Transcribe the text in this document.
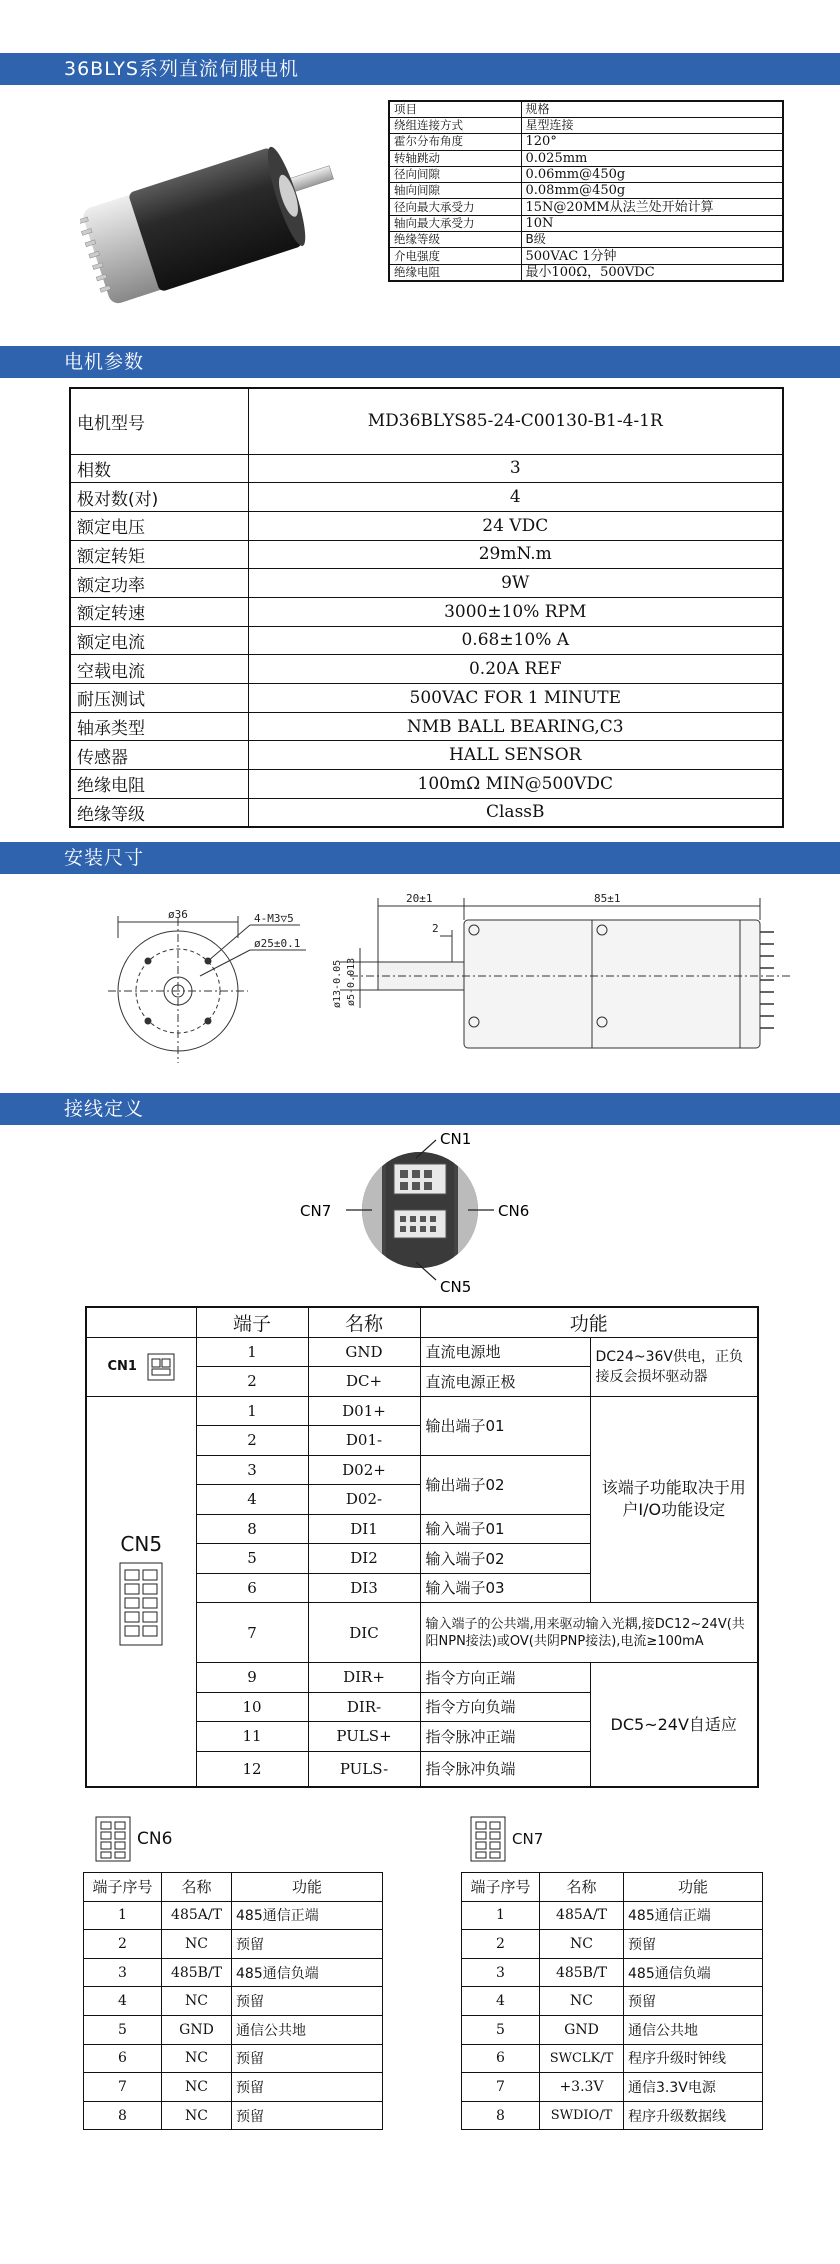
36BLYS系列直流伺服电机
电机参数
安装尺寸
接线定义
项目	规格
绕组连接方式	星型连接
霍尔分布角度	120°
转轴跳动	0.025mm
径向间隙	0.06mm@450g
轴向间隙	0.08mm@450g
径向最大承受力	15N@20MM从法兰处开始计算
轴向最大承受力	10N
绝缘等级	B级
介电强度	500VAC 1分钟
绝缘电阻	最小100Ω，500VDC
电机型号	MD36BLYS85-24-C00130-B1-4-1R
相数	3
极对数(对)	4
额定电压	24 VDC
额定转矩	29mN.m
额定功率	9W
额定转速	3000±10% RPM
额定电流	0.68±10% A
空载电流	0.20A REF
耐压测试	500VAC FOR 1 MINUTE
轴承类型	NMB BALL BEARING,C3
传感器	HALL SENSOR
绝缘电阻	100mΩ MIN@500VDC
绝缘等级	ClassB
ø36	4-M3▽5
ø25±0.1
20±1
2
85±1
ø13-0.05 ø5-0.013
CN1
CN7	CN6
CN5
	端子	名称	功能	

CN1	1	GND	直流电源地	DC24~36V供电，正负接反会损坏驱动器
	2	DC+	直流电源正极	

CN5	1	D01+	输出端子01	该端子功能取决于用户I/O功能设定
	2	D01-		
	3	D02+	输出端子02	
	4	D02-		
	8	DI1	输入端子01	
	5	DI2	输入端子02	
	6	DI3	输入端子03	
	7	DIC	输入端子的公共端,用来驱动输入光耦,接DC12~24V(共阳NPN接法)或OV(共阴PNP接法),电流≥100mA	
	9	DIR+	指令方向正端	DC5~24V自适应
	10	DIR-	指令方向负端	
	11	PULS+	指令脉冲正端	
	12	PULS-	指令脉冲负端	
CN6	CN7
端子序号	名称	功能
1	485A/T	485通信正端
2	NC	预留
3	485B/T	485通信负端
4	NC	预留
5	GND	通信公共地
6	NC	预留
7	NC	预留
8	NC	预留
端子序号	名称	功能
1	485A/T	485通信正端
2	NC	预留
3	485B/T	485通信负端
4	NC	预留
5	GND	通信公共地
6	SWCLK/T	程序升级时钟线
7	+3.3V	通信3.3V电源
8	SWDIO/T	程序升级数据线
